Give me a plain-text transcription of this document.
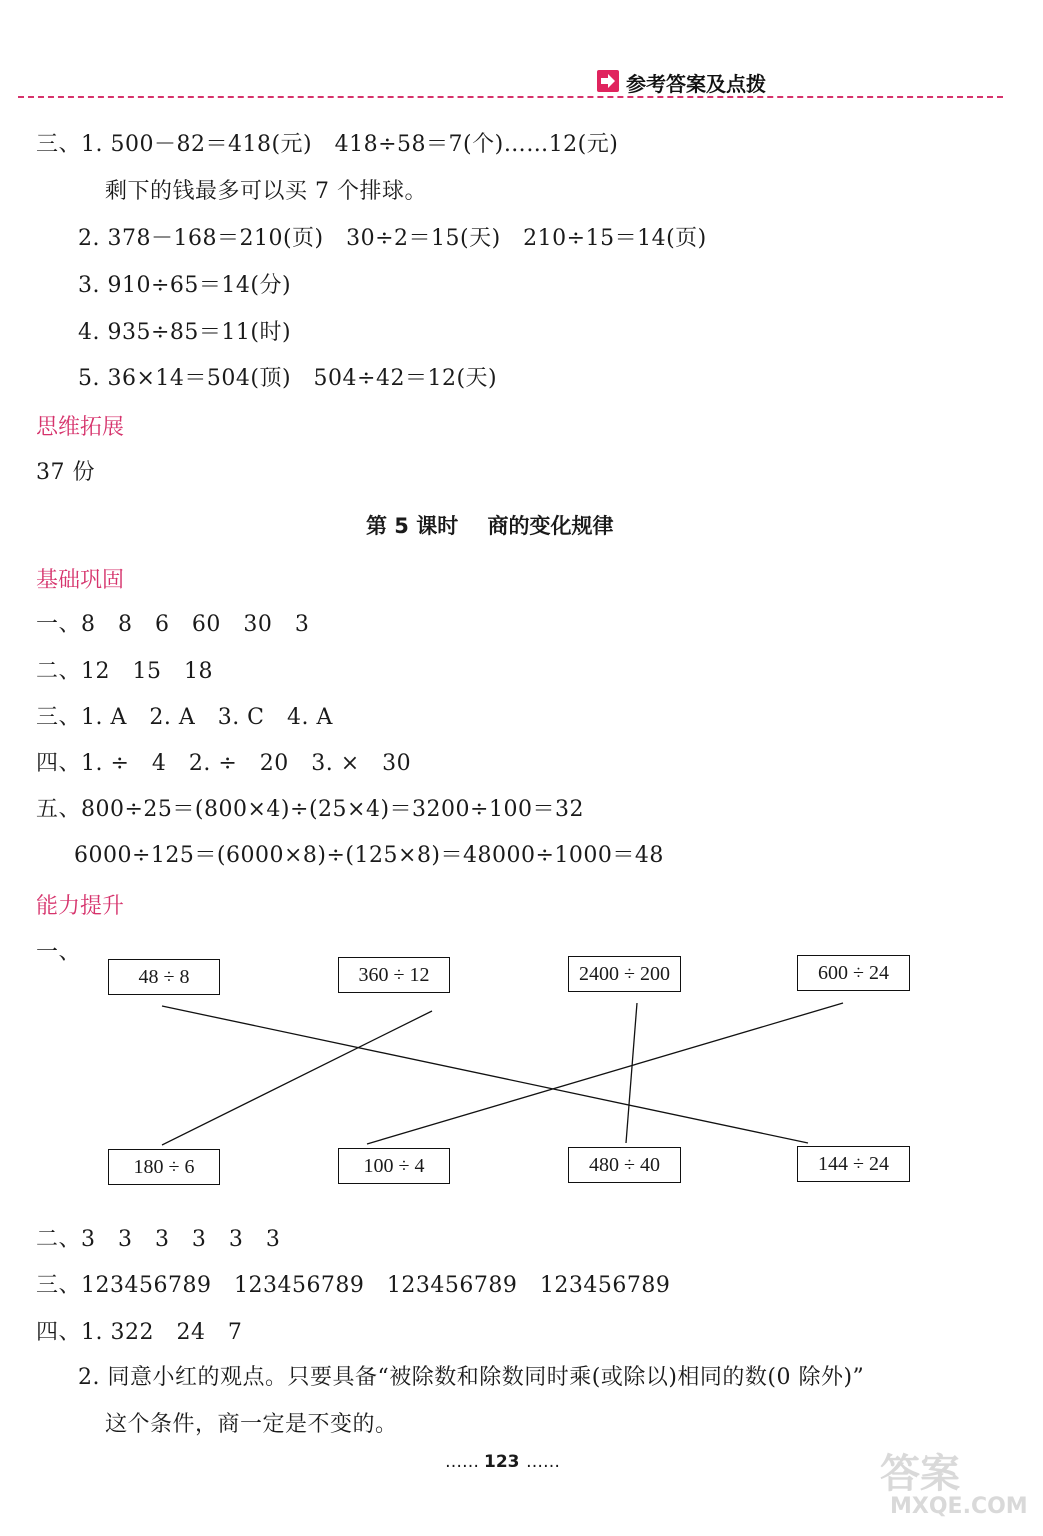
参考答案及点拨
三、1. 500－82＝418(元)   418÷58＝7(个)……12(元)
剩下的钱最多可以买 7 个排球。
2. 378－168＝210(页)   30÷2＝15(天)   210÷15＝14(页)
3. 910÷65＝14(分)
4. 935÷85＝11(时)
5. 36×14＝504(顶)   504÷42＝12(天)
思维拓展
37 份
第 5 课时    商的变化规律
基础巩固
一、8   8   6   60   30   3
二、12   15   18
三、1. A   2. A   3. C   4. A
四、1. ÷   4   2. ÷   20   3. ×   30
五、800÷25＝(800×4)÷(25×4)＝3200÷100＝32
6000÷125＝(6000×8)÷(125×8)＝48000÷1000＝48
能力提升
一、
48 ÷ 8	360 ÷ 12	2400 ÷ 200	600 ÷ 24
180 ÷ 6	100 ÷ 4	480 ÷ 40	144 ÷ 24
二、3   3   3   3   3   3
三、123456789   123456789   123456789   123456789
四、1. 322   24   7
2. 同意小红的观点。只要具备“被除数和除数同时乘(或除以)相同的数(0 除外)”
这个条件，商一定是不变的。
…… 123 ……	答案
MXQE.COM
